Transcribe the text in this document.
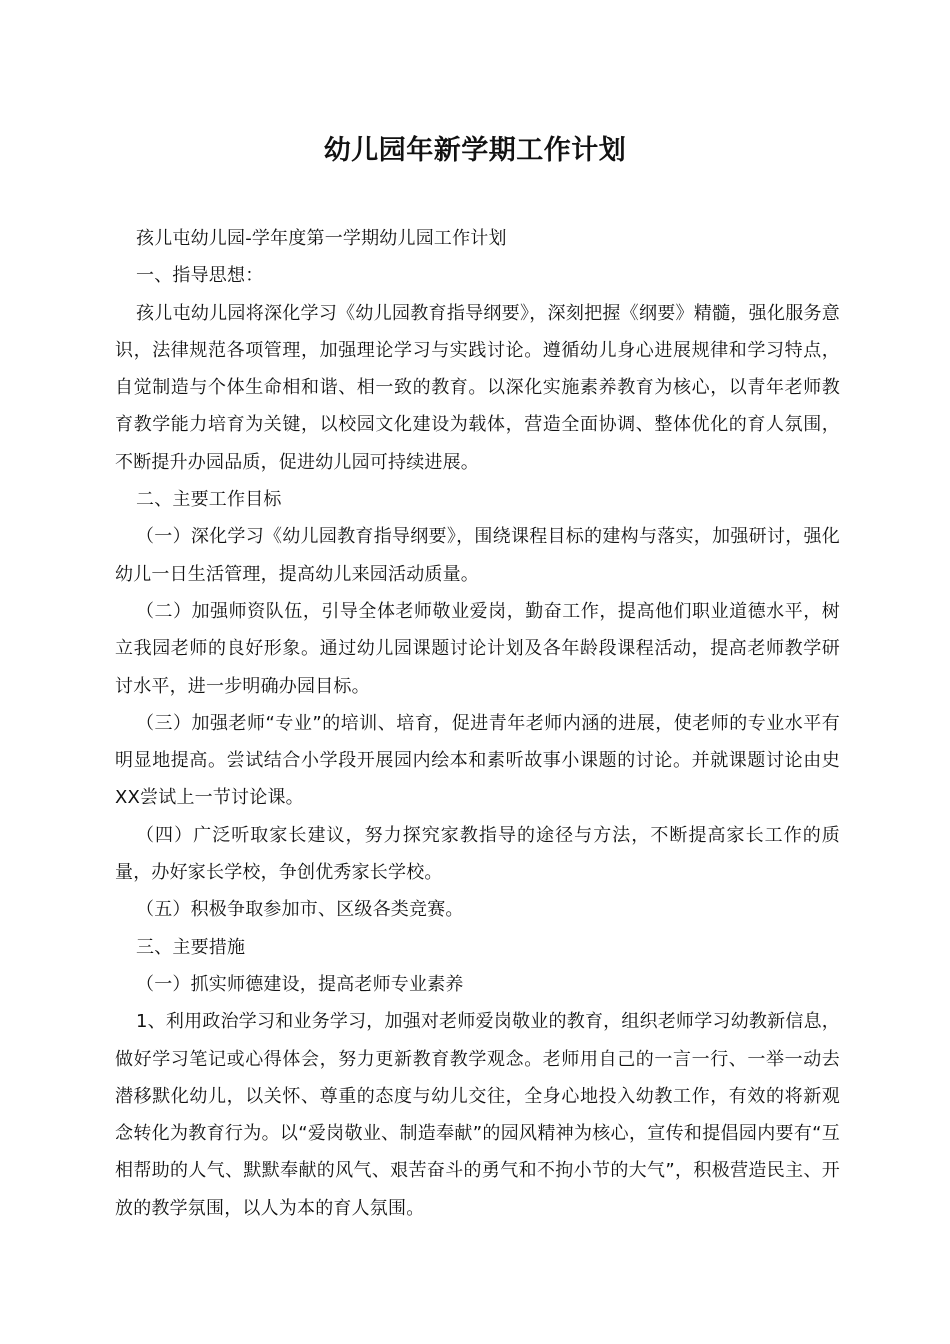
幼儿园年新学期工作计划

孩儿屯幼儿园-学年度第一学期幼儿园工作计划

一、指导思想：

孩儿屯幼儿园将深化学习《幼儿园教育指导纲要》，深刻把握《纲要》精髓，强化服务意识，法律规范各项管理，加强理论学习与实践讨论。遵循幼儿身心进展规律和学习特点，自觉制造与个体生命相和谐、相一致的教育。以深化实施素养教育为核心，以青年老师教育教学能力培育为关键，以校园文化建设为载体，营造全面协调、整体优化的育人氛围，不断提升办园品质，促进幼儿园可持续进展。

二、主要工作目标

（一）深化学习《幼儿园教育指导纲要》，围绕课程目标的建构与落实，加强研讨，强化幼儿一日生活管理，提高幼儿来园活动质量。

（二）加强师资队伍，引导全体老师敬业爱岗，勤奋工作，提高他们职业道德水平，树立我园老师的良好形象。通过幼儿园课题讨论计划及各年龄段课程活动，提高老师教学研讨水平，进一步明确办园目标。

（三）加强老师“专业”的培训、培育，促进青年老师内涵的进展，使老师的专业水平有明显地提高。尝试结合小学段开展园内绘本和素听故事小课题的讨论。并就课题讨论由史XX尝试上一节讨论课。

（四）广泛听取家长建议，努力探究家教指导的途径与方法，不断提高家长工作的质量，办好家长学校，争创优秀家长学校。

（五）积极争取参加市、区级各类竞赛。

三、主要措施

（一）抓实师德建设，提高老师专业素养

1、利用政治学习和业务学习，加强对老师爱岗敬业的教育，组织老师学习幼教新信息，做好学习笔记或心得体会，努力更新教育教学观念。老师用自己的一言一行、一举一动去潜移默化幼儿，以关怀、尊重的态度与幼儿交往，全身心地投入幼教工作，有效的将新观念转化为教育行为。以“爱岗敬业、制造奉献”的园风精神为核心，宣传和提倡园内要有“互相帮助的人气、默默奉献的风气、艰苦奋斗的勇气和不拘小节的大气”，积极营造民主、开放的教学氛围，以人为本的育人氛围。
